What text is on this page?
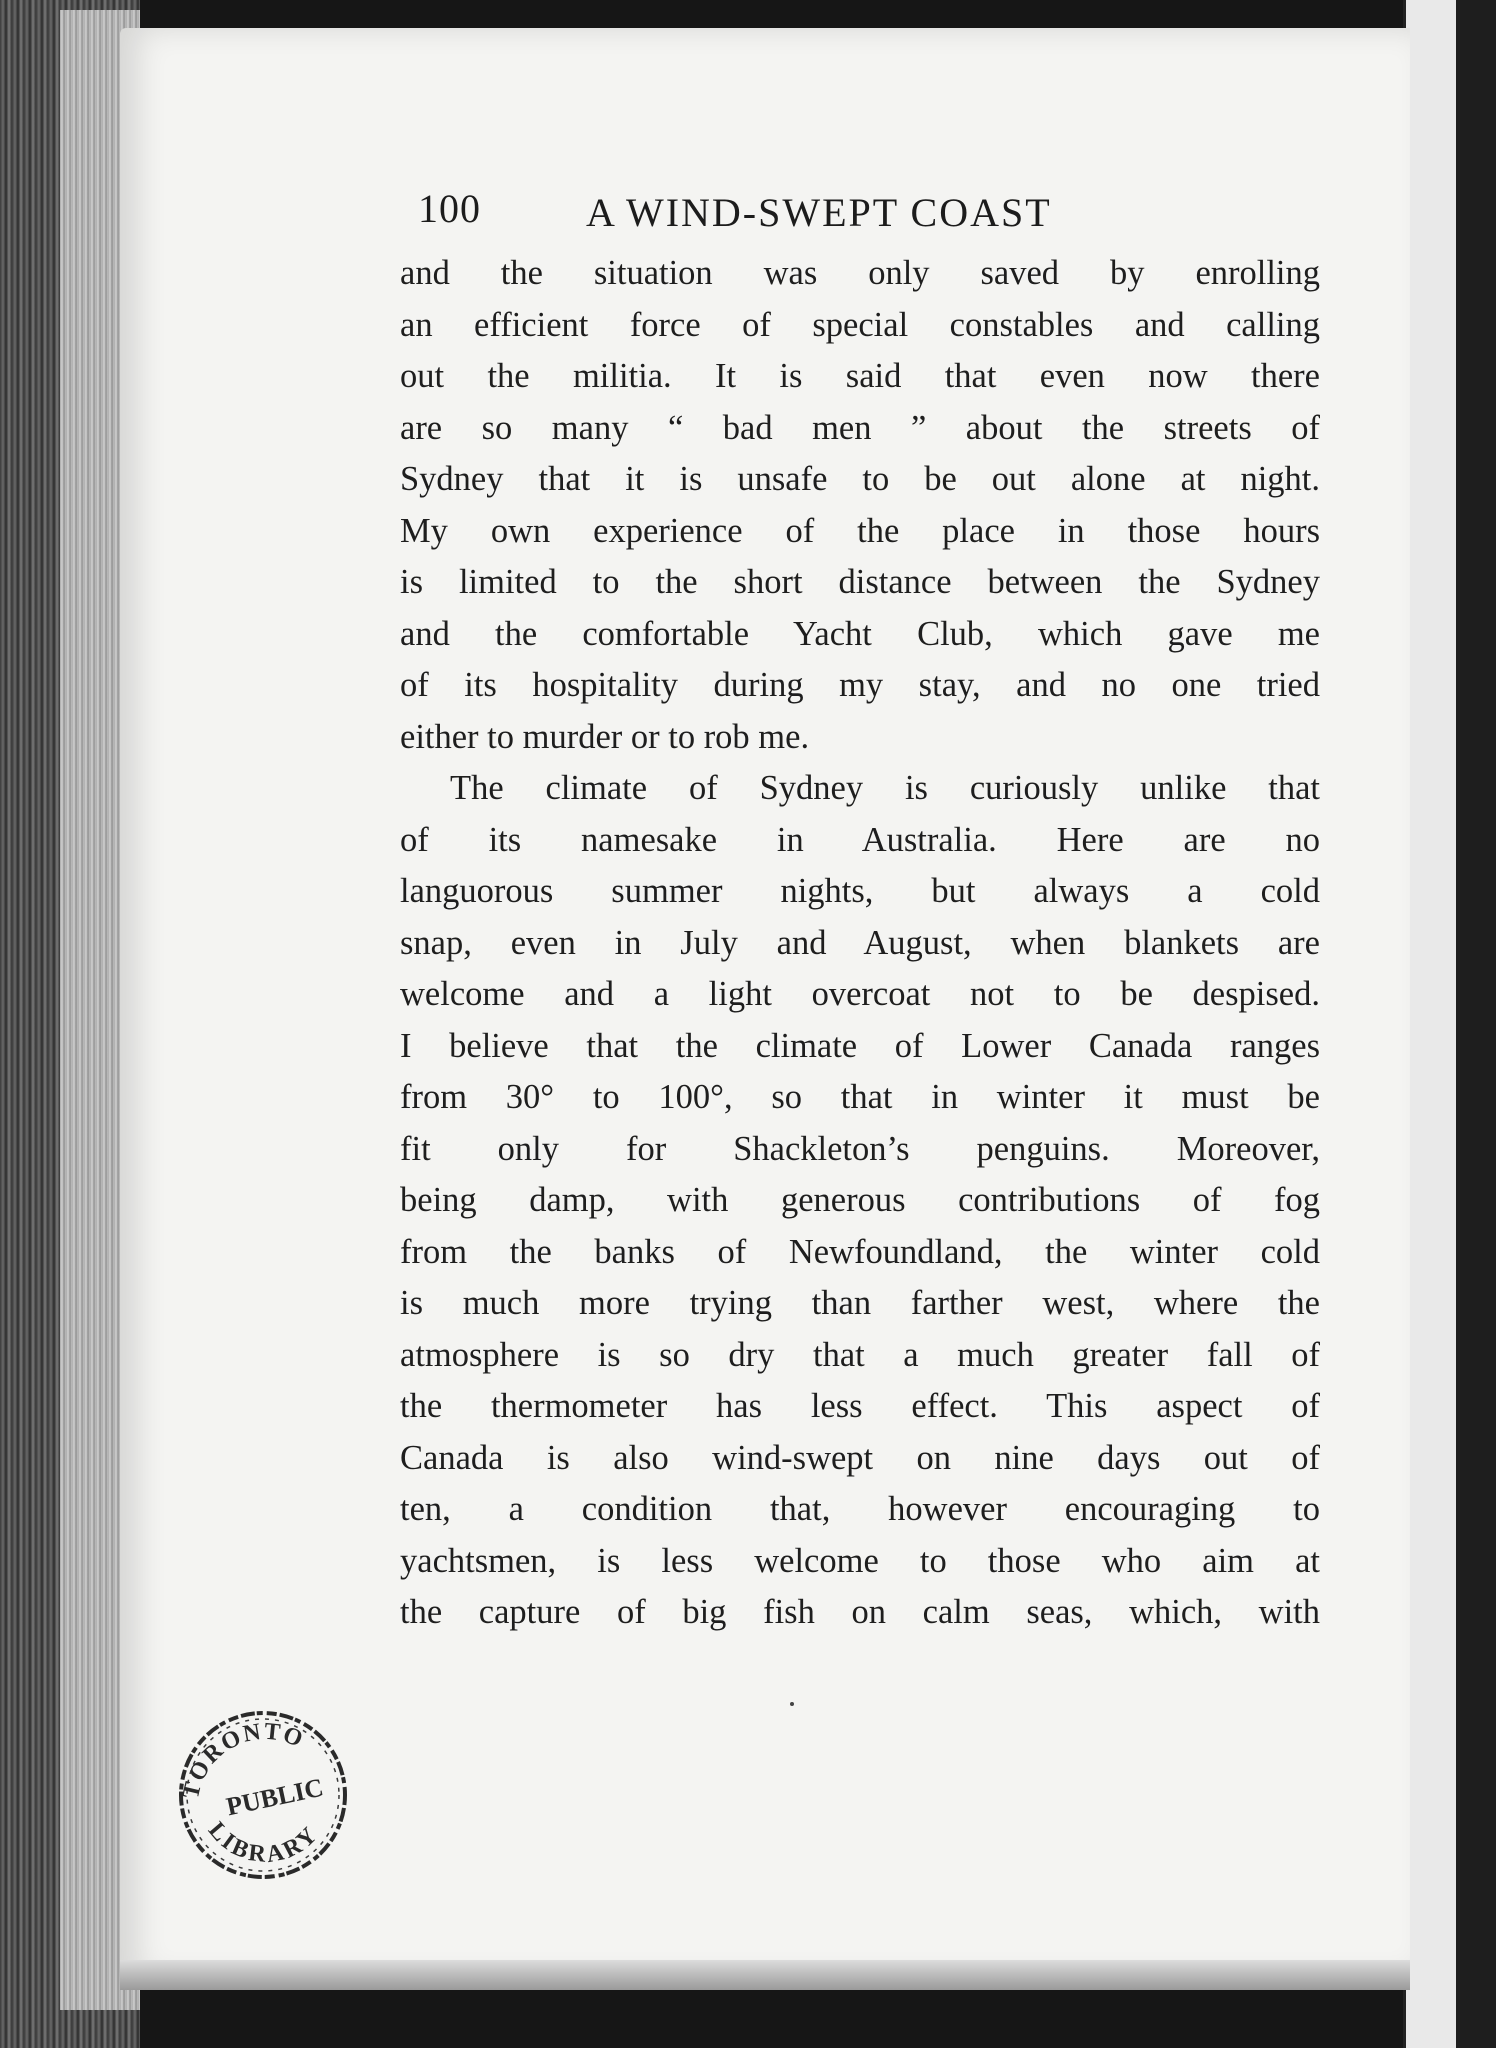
100	A WIND-SWEPT COAST
and the situation was only saved by enrolling
an efficient force of special constables and calling
out the militia. It is said that even now there
are so many “ bad men ” about the streets of
Sydney that it is unsafe to be out alone at night.
My own experience of the place in those hours
is limited to the short distance between the Sydney
and the comfortable Yacht Club, which gave me
of its hospitality during my stay, and no one tried
either to murder or to rob me.
The climate of Sydney is curiously unlike that
of its namesake in Australia. Here are no
languorous summer nights, but always a cold
snap, even in July and August, when blankets are
welcome and a light overcoat not to be despised.
I believe that the climate of Lower Canada ranges
from 30° to 100°, so that in winter it must be
fit only for Shackleton’s penguins. Moreover,
being damp, with generous contributions of fog
from the banks of Newfoundland, the winter cold
is much more trying than farther west, where the
atmosphere is so dry that a much greater fall of
the thermometer has less effect. This aspect of
Canada is also wind-swept on nine days out of
ten, a condition that, however encouraging to
yachtsmen, is less welcome to those who aim at
the capture of big fish on calm seas, which, with
TORONTO
PUBLIC
LIBRARY
